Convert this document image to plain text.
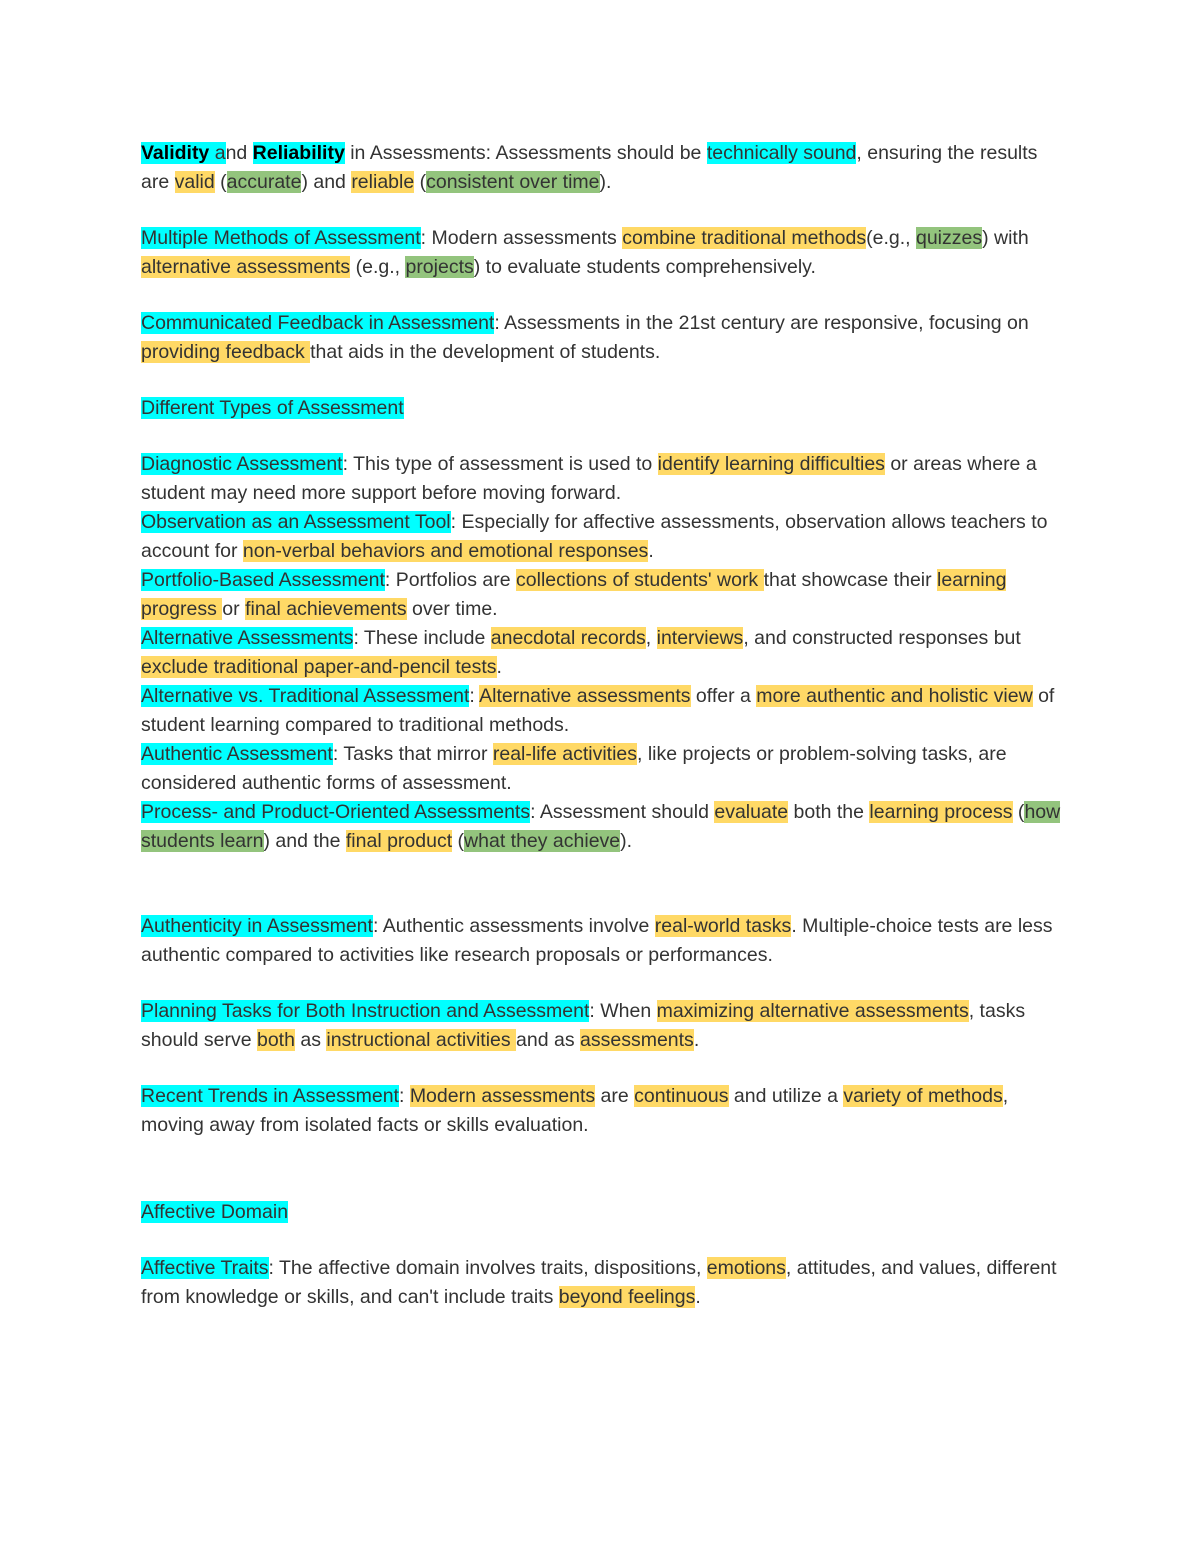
Validity and Reliability in Assessments: Assessments should be technically sound, ensuring the results are valid (accurate) and reliable (consistent over time).

Multiple Methods of Assessment: Modern assessments combine traditional methods(e.g., quizzes) with alternative assessments (e.g., projects) to evaluate students comprehensively.

Communicated Feedback in Assessment: Assessments in the 21st century are responsive, focusing on providing feedback that aids in the development of students.

Different Types of Assessment

Diagnostic Assessment: This type of assessment is used to identify learning difficulties or areas where a student may need more support before moving forward.

Observation as an Assessment Tool: Especially for affective assessments, observation allows teachers to account for non-verbal behaviors and emotional responses.

Portfolio-Based Assessment: Portfolios are collections of students' work that showcase their learning progress or final achievements over time.

Alternative Assessments: These include anecdotal records, interviews, and constructed responses but exclude traditional paper-and-pencil tests.

Alternative vs. Traditional Assessment: Alternative assessments offer a more authentic and holistic view of student learning compared to traditional methods.

Authentic Assessment: Tasks that mirror real-life activities, like projects or problem-solving tasks, are considered authentic forms of assessment.

Process- and Product-Oriented Assessments: Assessment should evaluate both the learning process (how students learn) and the final product (what they achieve).

Authenticity in Assessment: Authentic assessments involve real-world tasks. Multiple-choice tests are less authentic compared to activities like research proposals or performances.

Planning Tasks for Both Instruction and Assessment: When maximizing alternative assessments, tasks should serve both as instructional activities and as assessments.

Recent Trends in Assessment: Modern assessments are continuous and utilize a variety of methods, moving away from isolated facts or skills evaluation.

Affective Domain

Affective Traits: The affective domain involves traits, dispositions, emotions, attitudes, and values, different from knowledge or skills, and can't include traits beyond feelings.
